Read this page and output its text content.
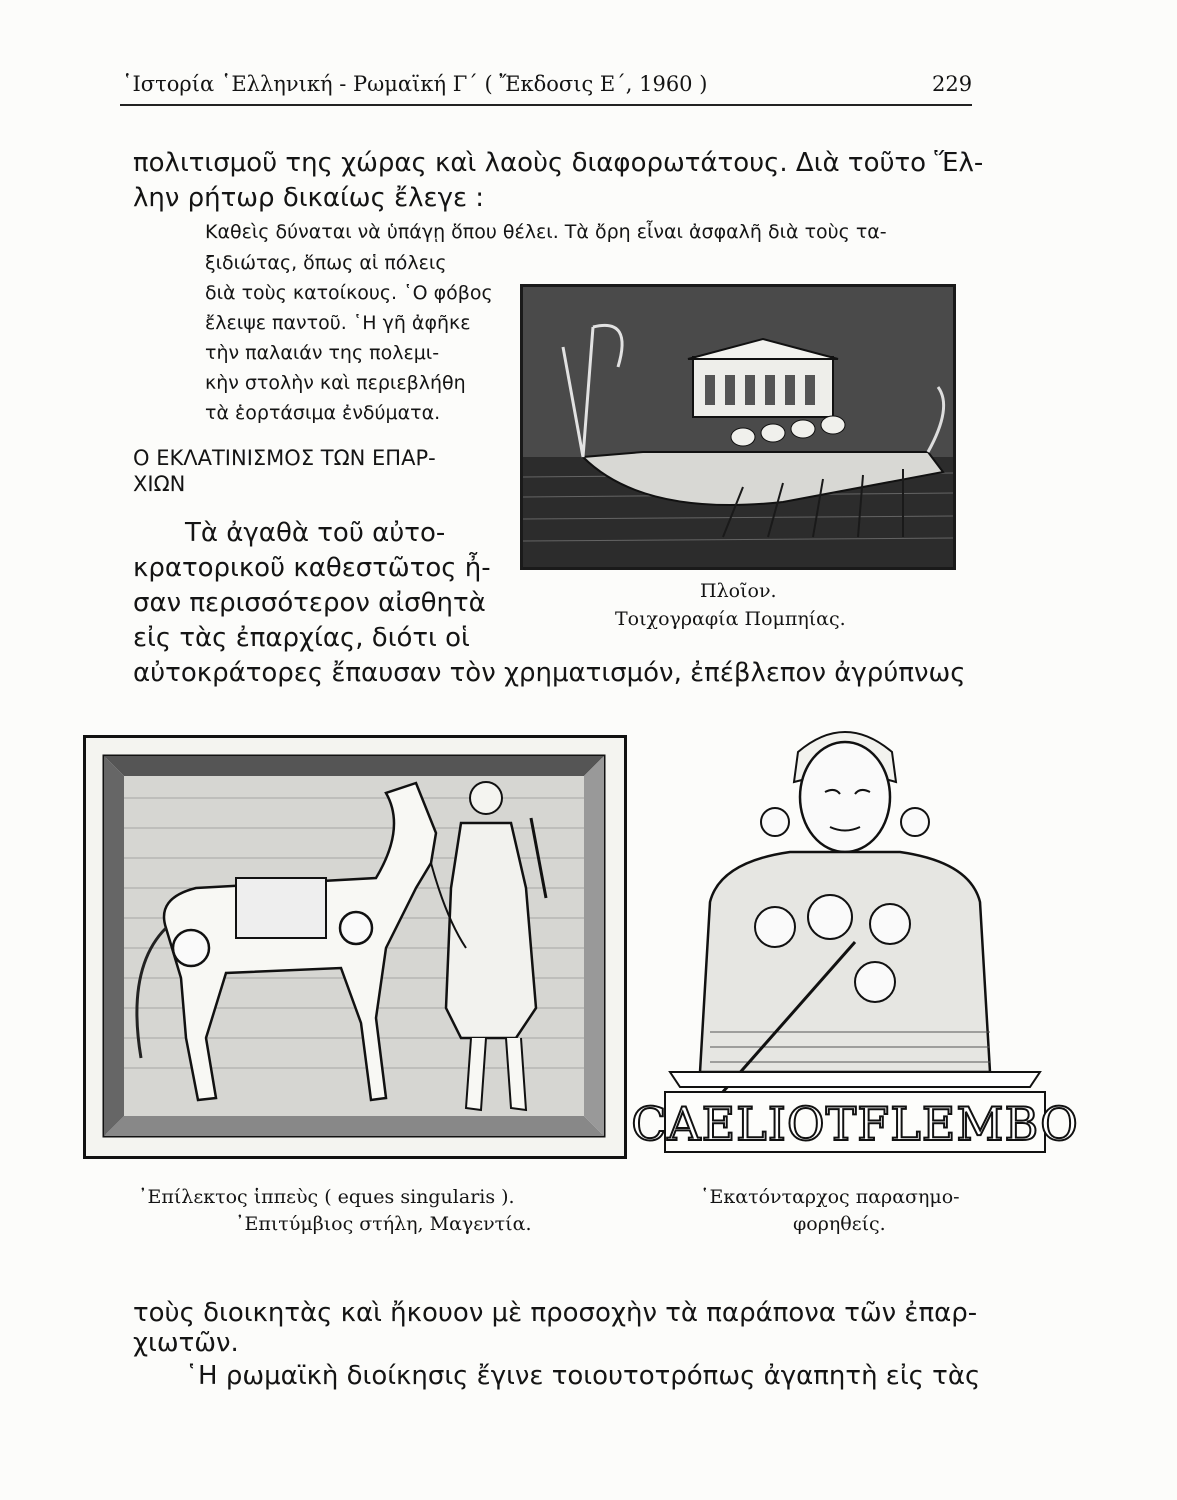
῾Ιστορία ῾Ελληνική - Ρωμαϊκή Γ΄ ( Ἔκδοσις Ε΄, 1960 )	229
πολιτισμοῦ της χώρας καὶ λαοὺς διαφορωτάτους. Διὰ τοῦτο Ἕλ-
λην ρήτωρ δικαίως ἔλεγε :
Καθεὶς δύναται νὰ ὑπάγῃ ὅπου θέλει. Τὰ ὄρη εἶναι ἀσφαλῆ διὰ τοὺς τα-
ξιδιώτας, ὅπως αἱ πόλεις
διὰ τοὺς κατοίκους. ῾Ο φόβος
ἔλειψε παντοῦ. ῾Η γῆ ἀφῆκε
τὴν παλαιάν της πολεμι-
κὴν στολὴν καὶ περιεβλήθη
τὰ ἑορτάσιμα ἐνδύματα.
Πλοῖον.
Τοιχογραφία Πομπηίας.
Ο ΕΚΛΑΤΙΝΙΣΜΟΣ ΤΩΝ ΕΠΑΡ-
ΧΙΩΝ
Τὰ ἀγαθὰ τοῦ αὐτο-
κρατορικοῦ καθεστῶτος ἦ-
σαν περισσότερον αἰσθητὰ
εἰς τὰς ἐπαρχίας, διότι οἱ
αὐτοκράτορες ἔπαυσαν τὸν χρηματισμόν, ἐπέβλεπον ἀγρύπνως
᾿Επίλεκτος ἱππεὺς ( eques singularis ).
᾿Επιτύμβιος στήλη, Μαγεντία.
CAELIOTFLEMBO
῾Εκατόνταρχος παρασημο-
φορηθείς.
τοὺς διοικητὰς καὶ ἤκουον μὲ προσοχὴν τὰ παράπονα τῶν ἐπαρ-
χιωτῶν.
῾Η ρωμαϊκὴ διοίκησις ἔγινε τοιουτοτρόπως ἀγαπητὴ εἰς τὰς
